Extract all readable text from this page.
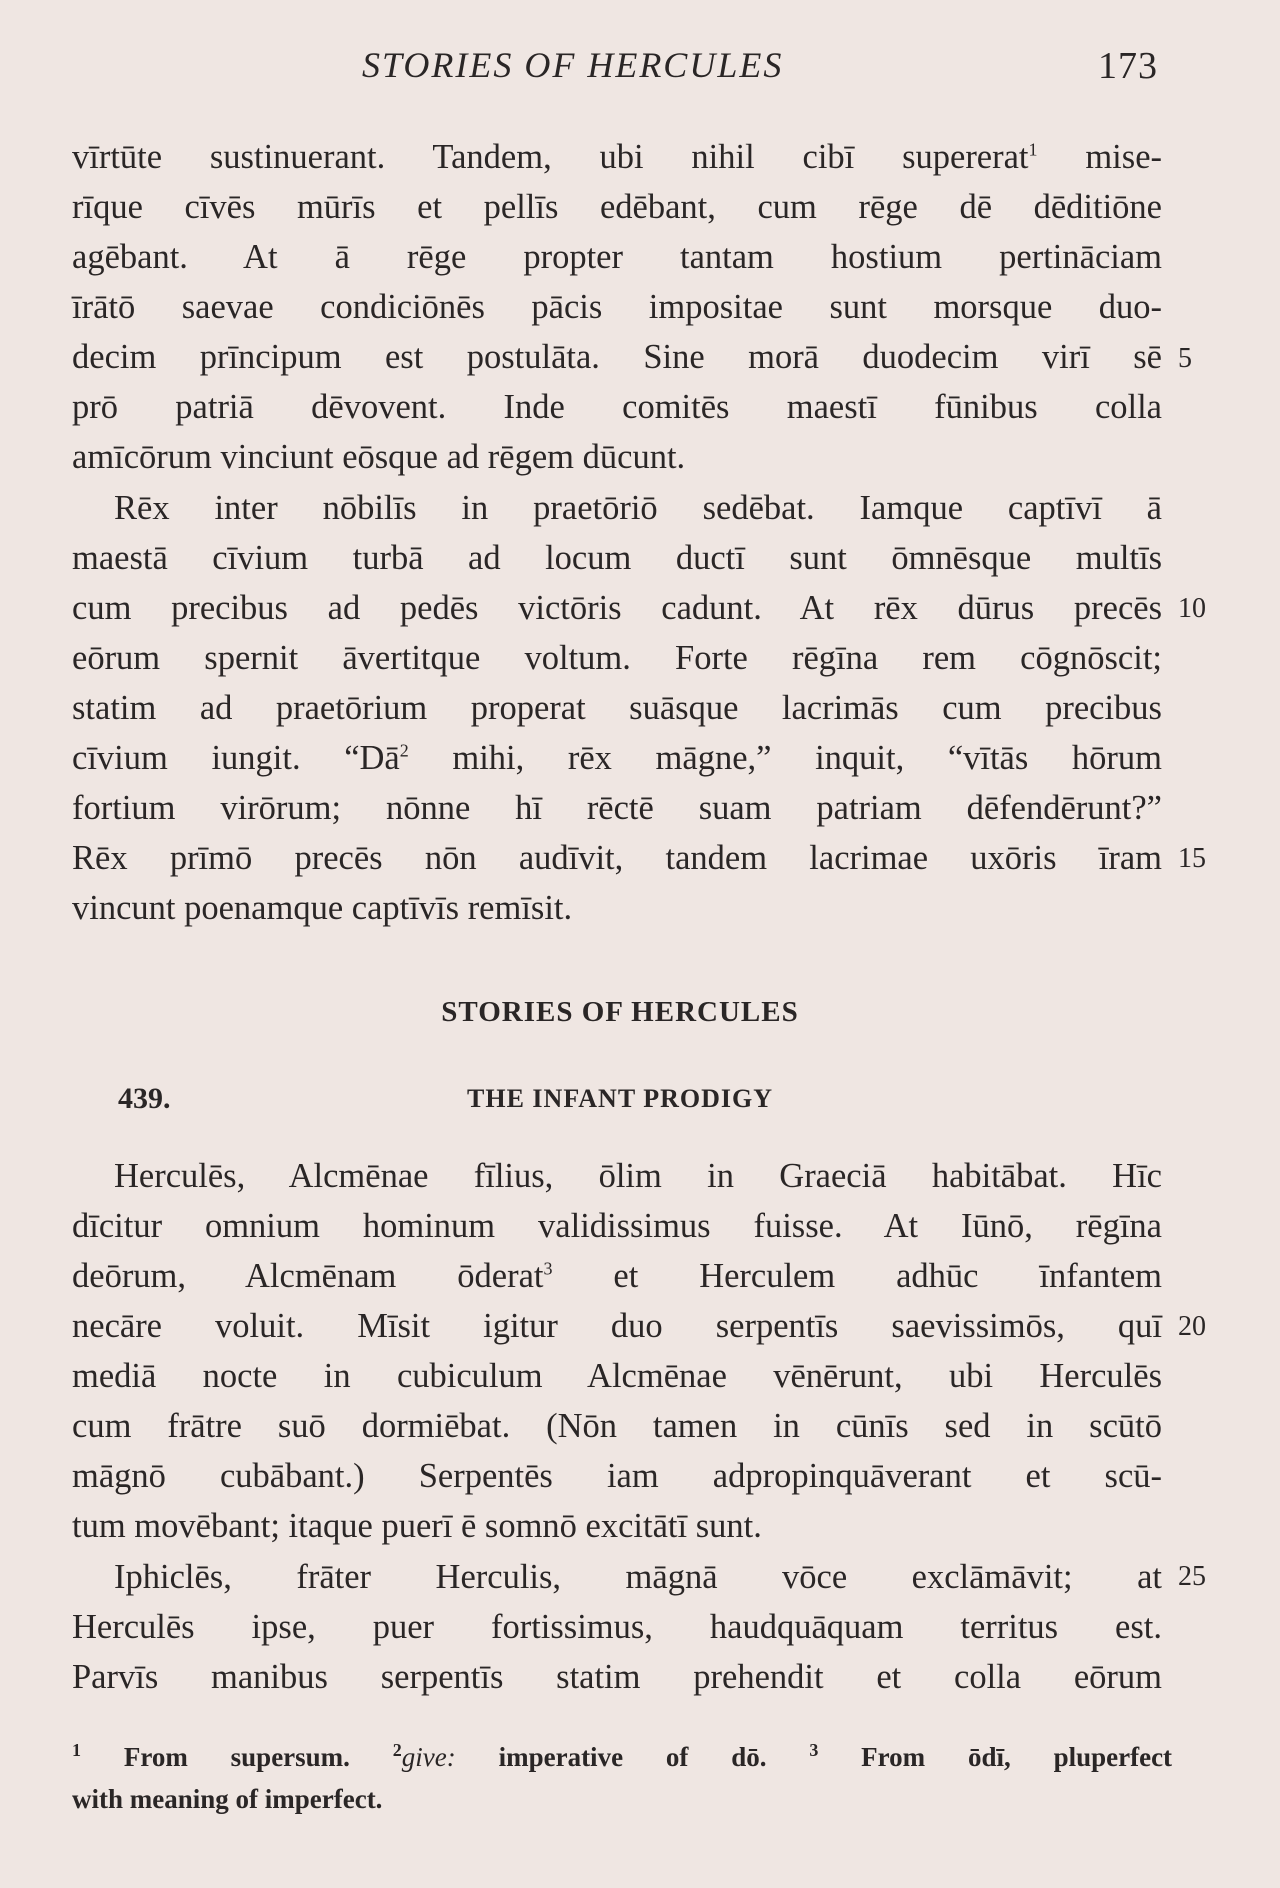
STORIES OF HERCULES	173
vīrtūte sustinuerant. Tandem, ubi nihil cibī supererat$^1$ mise-
rīque cīvēs mūrīs et pellīs edēbant, cum rēge dē dēditiōne
agēbant. At ā rēge propter tantam hostium pertināciam
īrātō saevae condiciōnēs pācis impositae sunt morsque duo-
decim prīncipum est postulāta. Sine morā duodecim virī sē
prō patriā dēvovent. Inde comitēs maestī fūnibus colla
amīcōrum vinciunt eōsque ad rēgem dūcunt.
Rēx inter nōbilīs in praetōriō sedēbat. Iamque captīvī ā
maestā cīvium turbā ad locum ductī sunt ōmnēsque multīs
cum precibus ad pedēs victōris cadunt. At rēx dūrus precēs
eōrum spernit āvertitque voltum. Forte rēgīna rem cōgnōscit;
statim ad praetōrium properat suāsque lacrimās cum precibus
cīvium iungit. “$Dā^2$ mihi, rēx māgne,” inquit, “vītās hōrum
fortium virōrum; nōnne hī rēctē suam patriam dēfendērunt?”
Rēx prīmō precēs nōn audīvit, tandem lacrimae uxōris īram
vincunt poenamque captīvīs remīsit.
STORIES OF HERCULES
439.	THE INFANT PRODIGY
Herculēs, Alcmēnae fīlius, ōlim in Graeciā habitābat. Hīc
dīcitur omnium hominum validissimus fuisse. At Iūnō, rēgīna
deōrum, Alcmēnam ōderat$^3$ et Herculem adhūc īnfantem
necāre voluit. Mīsit igitur duo serpentīs saevissimōs, quī
mediā nocte in cubiculum Alcmēnae vēnērunt, ubi Herculēs
cum frātre suō dormiēbat. (Nōn tamen in cūnīs sed in scūtō
māgnō cubābant.) Serpentēs iam adpropinquāverant et scū-
tum movēbant; itaque puerī ē somnō excitātī sunt.
Iphiclēs, frāter Herculis, māgnā vōce exclāmāvit; at
Herculēs ipse, puer fortissimus, haudquāquam territus est.
Parvīs manibus serpentīs statim prehendit et colla eōrum
5
10
15
20
25
$^1$ From supersum. $^2$give: imperative of dō. $^3$ From ōdī, pluperfect
with meaning of imperfect.
